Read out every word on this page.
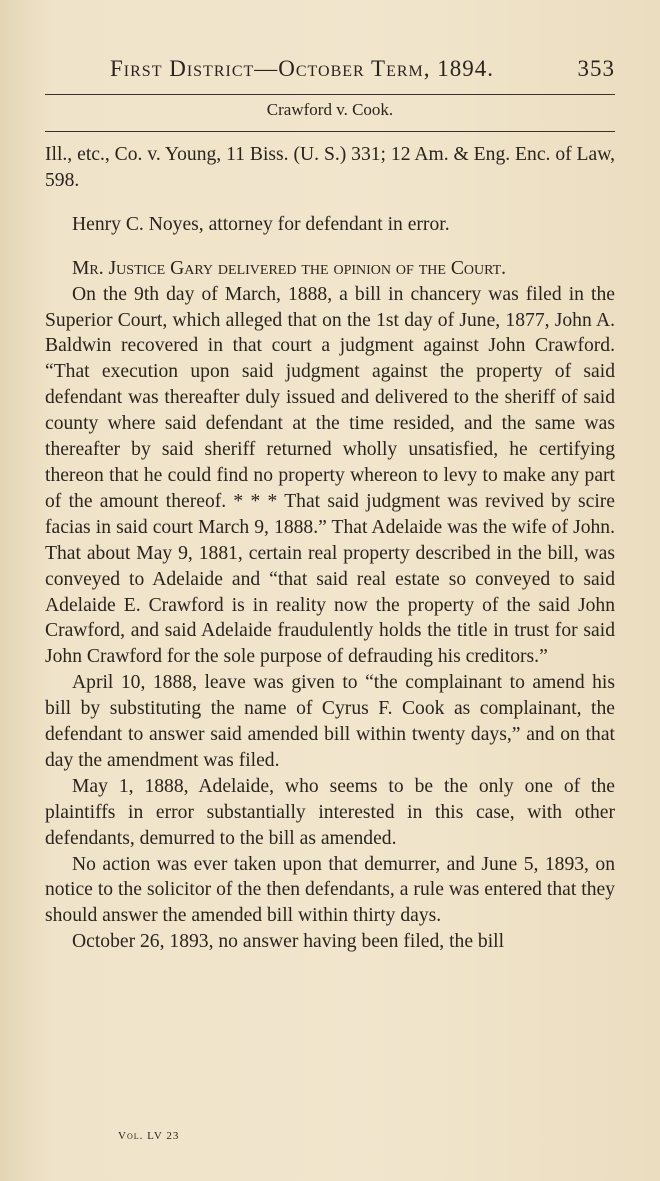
First District—October Term, 1894.	353
Crawford v. Cook.

Ill., etc., Co. v. Young, 11 Biss. (U. S.) 331; 12 Am. & Eng. Enc. of Law, 598.

Henry C. Noyes, attorney for defendant in error.

Mr. Justice Gary delivered the opinion of the Court.

On the 9th day of March, 1888, a bill in chancery was filed in the Superior Court, which alleged that on the 1st day of June, 1877, John A. Baldwin recovered in that court a judgment against John Crawford. “That execution upon said judgment against the property of said defendant was thereafter duly issued and delivered to the sheriff of said county where said defendant at the time resided, and the same was thereafter by said sheriff returned wholly unsatisfied, he certifying thereon that he could find no property whereon to levy to make any part of the amount thereof. * * * That said judgment was revived by scire facias in said court March 9, 1888.” That Adelaide was the wife of John. That about May 9, 1881, certain real property described in the bill, was conveyed to Adelaide and “that said real estate so conveyed to said Adelaide E. Crawford is in reality now the property of the said John Crawford, and said Adelaide fraudulently holds the title in trust for said John Crawford for the sole purpose of defrauding his creditors.”

April 10, 1888, leave was given to “the complainant to amend his bill by substituting the name of Cyrus F. Cook as complainant, the defendant to answer said amended bill within twenty days,” and on that day the amendment was filed.

May 1, 1888, Adelaide, who seems to be the only one of the plaintiffs in error substantially interested in this case, with other defendants, demurred to the bill as amended.

No action was ever taken upon that demurrer, and June 5, 1893, on notice to the solicitor of the then defendants, a rule was entered that they should answer the amended bill within thirty days.

October 26, 1893, no answer having been filed, the bill

Vol. LV 23
